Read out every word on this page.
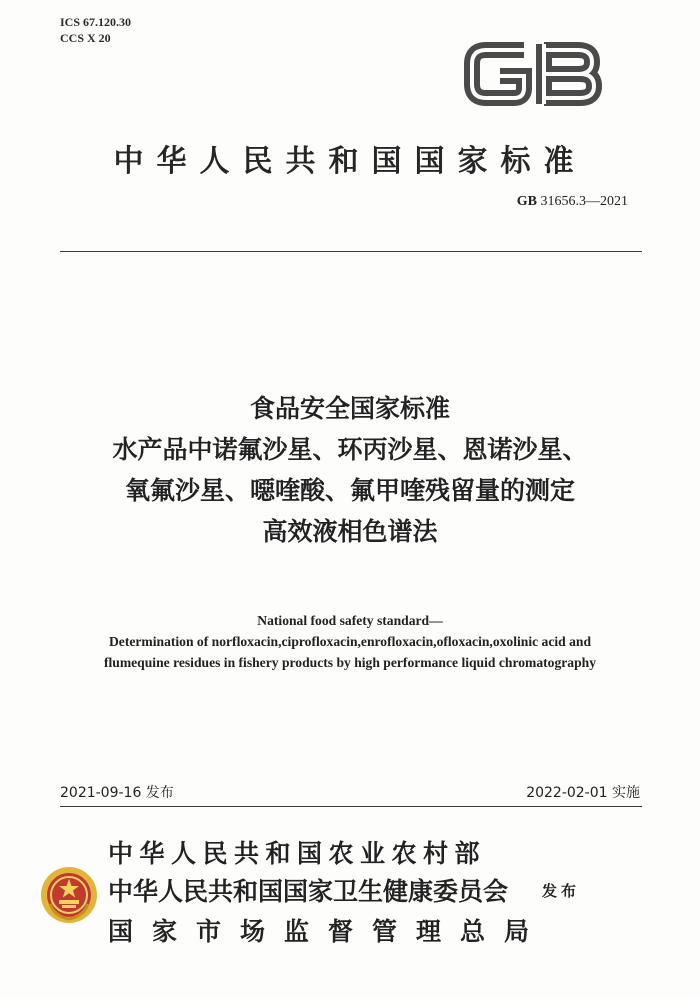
ICS 67.120.30
CCS X 20
中华人民共和国国家标准
GB 31656.3—2021
食品安全国家标准
水产品中诺氟沙星、环丙沙星、恩诺沙星、
氧氟沙星、噁喹酸、氟甲喹残留量的测定
高效液相色谱法
National food safety standard—
Determination of norfloxacin,ciprofloxacin,enrofloxacin,ofloxacin,oxolinic acid and
flumequine residues in fishery products by high performance liquid chromatography
2021-09-16 发布	2022-02-01 实施
中华人民共和国农业农村部
中华人民共和国国家卫生健康委员会
国家市场监督管理总局
发布
